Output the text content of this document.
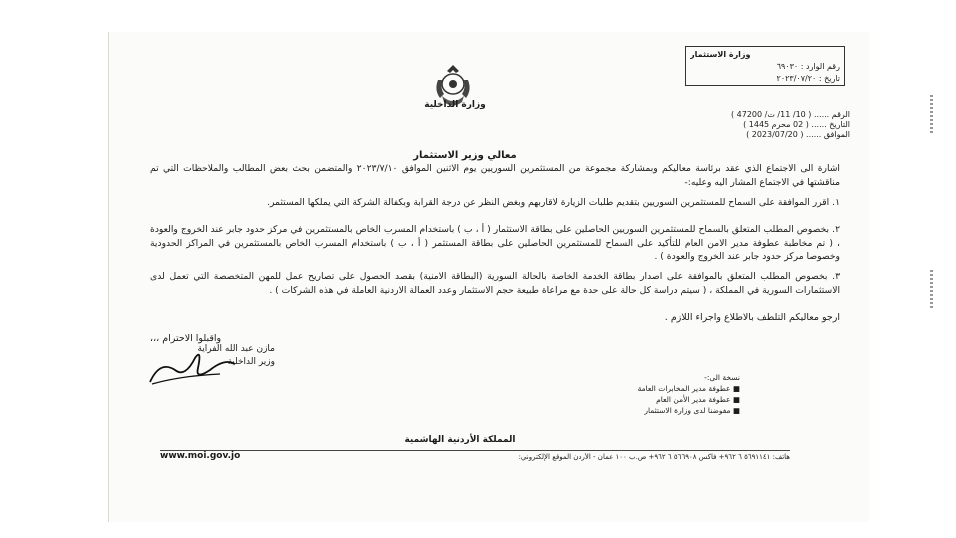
وزارة الاستثمار
رقم الوارد : ٦٩٠٣٠
تاريخ : ٢٠٢٣/٠٧/٢٠
وزارة الداخلية
الرقم ...... ( 10/ 11/ ت/ 47200 )
التاريخ ...... ( 02 محرم 1445 )
الموافق ...... ( 2023/07/20 )
معالي وزير الاستثمار
اشارة الى الاجتماع الذي عقد برئاسة معاليكم وبمشاركة مجموعة من المستثمرين السوريين يوم الاثنين الموافق ٢٠٢٣/٧/١٠ والمتضمن بحث بعض المطالب والملاحظات التي تم مناقشتها في الاجتماع المشار اليه وعليه:-
١. اقرر الموافقة على السماح للمستثمرين السوريين بتقديم طلبات الزيارة لاقاربهم وبغض النظر عن درجة القرابة وبكفالة الشركة التي يملكها المستثمر.
٢. بخصوص المطلب المتعلق بالسماح للمستثمرين السوريين الحاصلين على بطاقة الاستثمار ( أ ، ب ) باستخدام المسرب الخاص بالمستثمرين في مركز حدود جابر عند الخروج والعودة ، ( تم مخاطبة عطوفة مدير الامن العام للتأكيد على السماح للمستثمرين الحاصلين على بطاقة المستثمر ( أ ، ب ) باستخدام المسرب الخاص بالمستثمرين في المراكز الحدودية وخصوصا مركز حدود جابر عند الخروج والعودة ) .
٣. بخصوص المطلب المتعلق بالموافقة على اصدار بطاقة الخدمة الخاصة بالحالة السورية (البطاقة الامنية) بقصد الحصول على تصاريح عمل للمهن المتخصصة التي تعمل لدى الاستثمارات السورية في المملكة ، ( سيتم دراسة كل حالة على حدة مع مراعاة طبيعة حجم الاستثمار وعدد العمالة الاردنية العاملة في هذه الشركات ) .
ارجو معاليكم التلطف بالاطلاع واجراء اللازم .
واقبلوا الاحترام ،،،
مازن عبد الله الفراية
وزير الداخلية
نسخة الى:-
■ عطوفة مدير المخابرات العامة
■ عطوفة مدير الأمن العام
■ مفوضنا لدى وزارة الاستثمار
المملكة الأردنية الهاشمية
www.moi.gov.jo	هاتف: ٥٦٩١١٤١ ٦ ٩٦٢+ فاكس ٥٦٦٩٠٨ ٦ ٩٦٢+ ص.ب ١٠٠ عمان - الأردن الموقع الإلكتروني:
